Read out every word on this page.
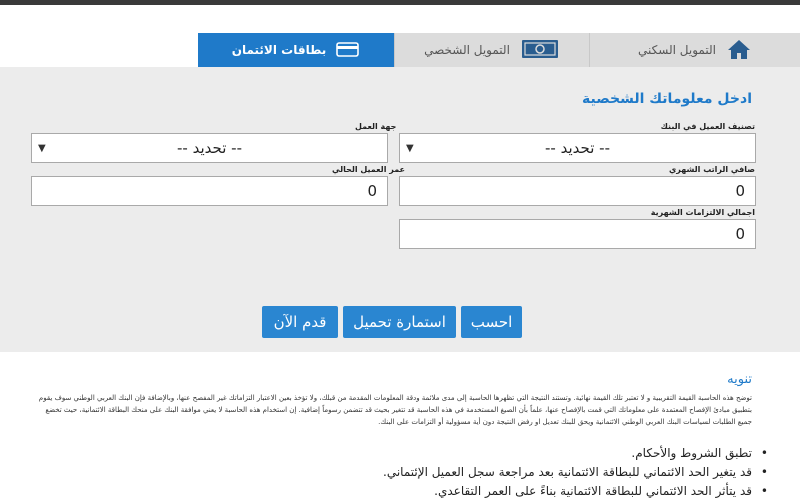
التمويل السكني
التمويل الشخصي
بطاقات الائتمان
ادخل معلوماتك الشخصية
تصنيف العميل في البنك
-- تحديد --
▼
جهة العمل
-- تحديد --
▼
صافي الراتب الشهري
0
عمر العميل الحالي
0
اجمالي الالتزامات الشهرية
0
احسب
استمارة تحميل
قدم الآن
تنويه
توضح هذه الحاسبة القيمة التقريبية و لا تعتبر تلك القيمة نهائية. وتستند النتيجة التي تظهرها الحاسبة إلى مدى ملائمة ودقة المعلومات المقدمة من قبلك، ولا تؤخذ بعين الاعتبار التزاماتك غير المفصح عنها، وبالإضافة فإن البنك العربي الوطني سوف يقوم بتطبيق مبادئ الإفصاح المعتمدة على معلوماتك التي قمت بالإفصاح عنها، علماً بأن الصيغ المستخدمة في هذه الحاسبة قد تتغير بحيث قد تتضمن رسوماً إضافية. إن استخدام هذه الحاسبة لا يعني موافقة البنك على منحك البطاقة الائتمانية، حيث تخضع جميع الطلبات لسياسات البنك العربي الوطني الائتمانية ويحق للبنك تعديل او رفض النتيجة دون أية مسؤولية أو التزامات على البنك.
• تطبق الشروط والأحكام.
• قد يتغير الحد الائتماني للبطاقة الائتمانية بعد مراجعة سجل العميل الإئتماني.
• قد يتأثر الحد الائتماني للبطاقة الائتمانية بناءً على العمر التقاعدي.
